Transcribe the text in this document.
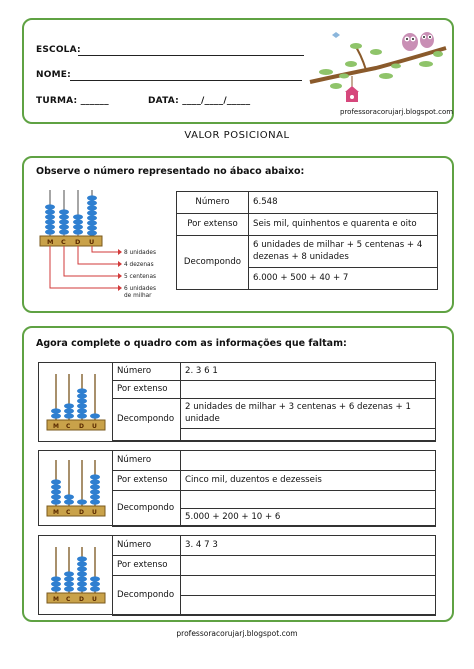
ESCOLA:
NOME:
TURMA: ______	DATA: ____/____/_____
professoracorujarj.blogspot.com
VALOR POSICIONAL
Observe o número representado no ábaco abaixo:
M C D U
8 unidades
4 dezenas
5 centenas
6 unidades
de milhar
Número	6.548
Por extenso	Seis mil, quinhentos e quarenta e oito
Decompondo	6 unidades de milhar + 5 centenas + 4 dezenas + 8 unidades
	6.000 + 500 + 40 + 7
Agora complete o quadro com as informações que faltam:
M C D U
Número	2. 3 6 1
Por extenso	
Decompondo	2 unidades de milhar + 3 centenas + 6 dezenas + 1 unidade

M C D U
Número	
Por extenso	Cinco mil, duzentos e dezesseis
Decompondo	
	5.000 + 200 + 10 + 6
M C D U
Número	3. 4 7 3
Por extenso	
Decompondo	

professoracorujarj.blogspot.com
